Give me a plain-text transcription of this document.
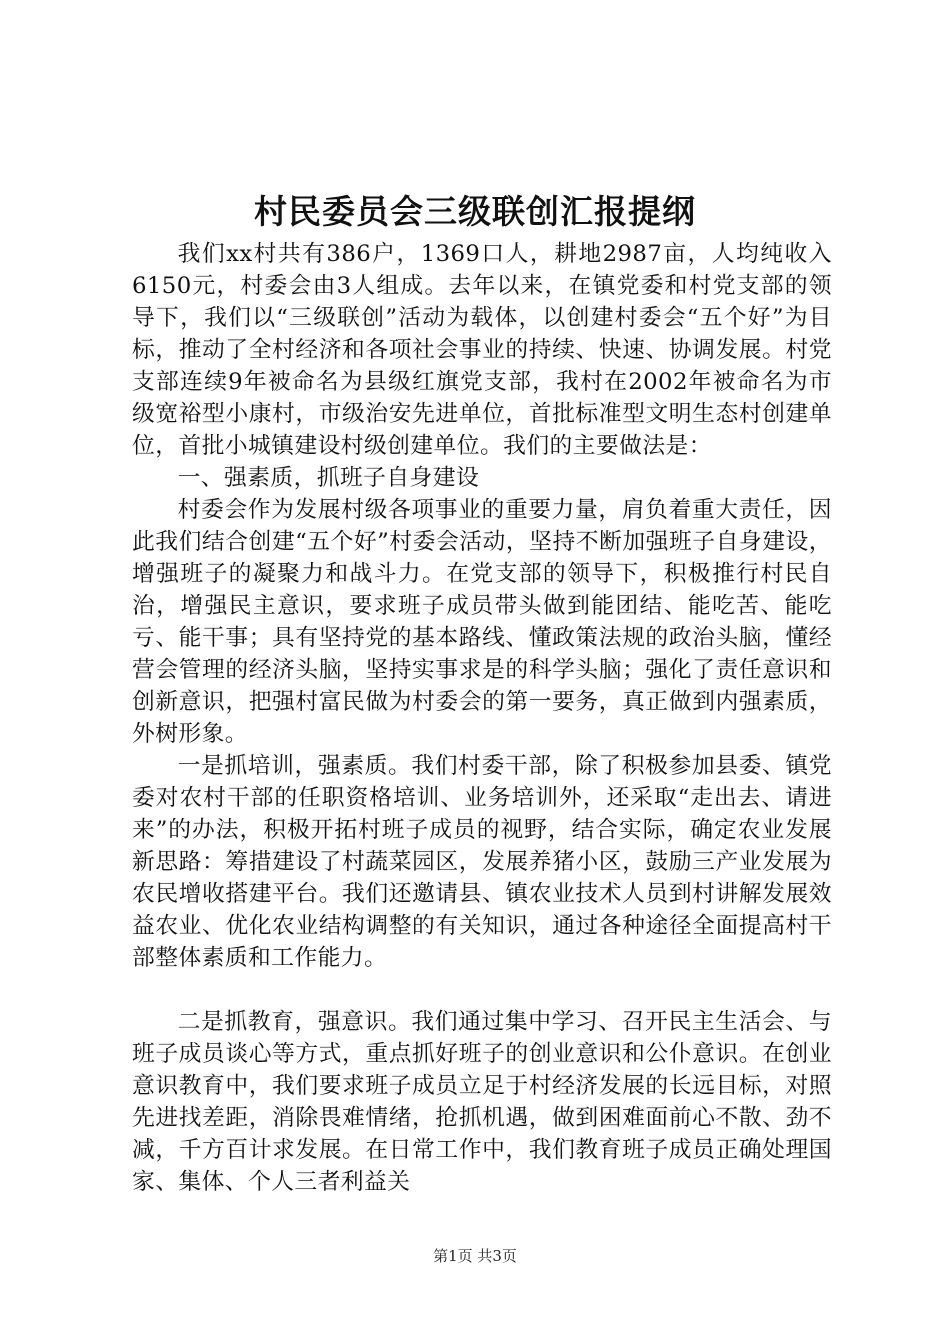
村民委员会三级联创汇报提纲

我们xx村共有386户，1369口人，耕地2987亩，人均纯收入6150元，村委会由3人组成。去年以来，在镇党委和村党支部的领导下，我们以“三级联创”活动为载体，以创建村委会“五个好”为目标，推动了全村经济和各项社会事业的持续、快速、协调发展。村党支部连续9年被命名为县级红旗党支部，我村在2002年被命名为市级宽裕型小康村，市级治安先进单位，首批标准型文明生态村创建单位，首批小城镇建设村级创建单位。我们的主要做法是：

一、强素质，抓班子自身建设

村委会作为发展村级各项事业的重要力量，肩负着重大责任，因此我们结合创建“五个好”村委会活动，坚持不断加强班子自身建设，增强班子的凝聚力和战斗力。在党支部的领导下，积极推行村民自治，增强民主意识，要求班子成员带头做到能团结、能吃苦、能吃亏、能干事；具有坚持党的基本路线、懂政策法规的政治头脑，懂经营会管理的经济头脑，坚持实事求是的科学头脑；强化了责任意识和创新意识，把强村富民做为村委会的第一要务，真正做到内强素质，外树形象。

一是抓培训，强素质。我们村委干部，除了积极参加县委、镇党委对农村干部的任职资格培训、业务培训外，还采取“走出去、请进来”的办法，积极开拓村班子成员的视野，结合实际，确定农业发展新思路：筹措建设了村蔬菜园区，发展养猪小区，鼓励三产业发展为农民增收搭建平台。我们还邀请县、镇农业技术人员到村讲解发展效益农业、优化农业结构调整的有关知识，通过各种途径全面提高村干部整体素质和工作能力。

二是抓教育，强意识。我们通过集中学习、召开民主生活会、与班子成员谈心等方式，重点抓好班子的创业意识和公仆意识。在创业意识教育中，我们要求班子成员立足于村经济发展的长远目标，对照先进找差距，消除畏难情绪，抢抓机遇，做到困难面前心不散、劲不减，千方百计求发展。在日常工作中，我们教育班子成员正确处理国家、集体、个人三者利益关

第1页 共3页
